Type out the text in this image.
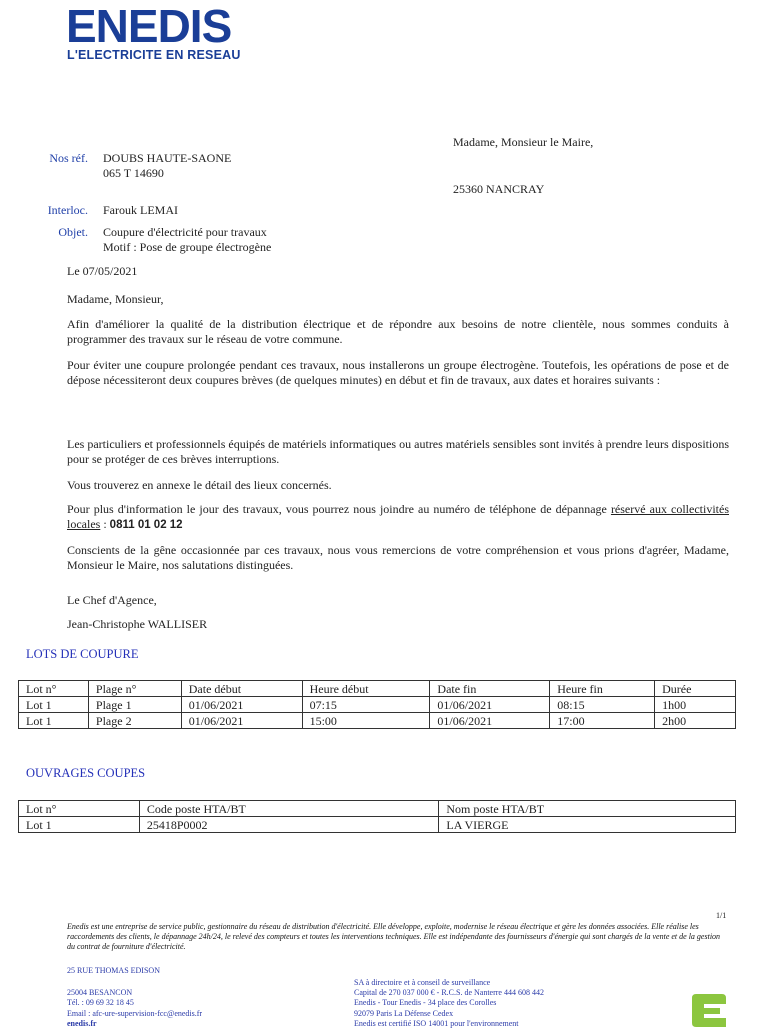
ENEDIS
L'ELECTRICITE EN RESEAU
Madame, Monsieur le Maire,
25360 NANCRAY
Nos réf. DOUBS HAUTE-SAONE
065 T 14690
Interloc. Farouk LEMAI
Objet. Coupure d'électricité pour travaux
Motif : Pose de groupe électrogène
Le 07/05/2021
Madame, Monsieur,
Afin d'améliorer la qualité de la distribution électrique et de répondre aux besoins de notre clientèle, nous sommes conduits à programmer des travaux sur le réseau de votre commune.
Pour éviter une coupure prolongée pendant ces travaux, nous installerons un groupe électrogène. Toutefois, les opérations de pose et de dépose nécessiteront deux coupures brèves (de quelques minutes) en début et fin de travaux, aux dates et horaires suivants :
Les particuliers et professionnels équipés de matériels informatiques ou autres matériels sensibles sont invités à prendre leurs dispositions pour se protéger de ces brèves interruptions.
Vous trouverez en annexe le détail des lieux concernés.
Pour plus d'information le jour des travaux, vous pourrez nous joindre au numéro de téléphone de dépannage réservé aux collectivités locales : 0811 01 02 12
Conscients de la gêne occasionnée par ces travaux, nous vous remercions de votre compréhension et vous prions d'agréer, Madame, Monsieur le Maire, nos salutations distinguées.
Le Chef d'Agence,
Jean-Christophe WALLISER
LOTS DE COUPURE
Lot n°	Plage n°	Date début	Heure début	Date fin	Heure fin	Durée
Lot 1	Plage 1	01/06/2021	07:15	01/06/2021	08:15	1h00
Lot 1	Plage 2	01/06/2021	15:00	01/06/2021	17:00	2h00
OUVRAGES COUPES
Lot n°	Code poste HTA/BT	Nom poste HTA/BT
Lot 1	25418P0002	LA VIERGE
1/1
Enedis est une entreprise de service public, gestionnaire du réseau de distribution d'électricité. Elle développe, exploite, modernise le réseau électrique et gère les données associées. Elle réalise les raccordements des clients, le dépannage 24h/24, le relevé des compteurs et toutes les interventions techniques. Elle est indépendante des fournisseurs d'énergie qui sont chargés de la vente et de la gestion du contrat de fourniture d'électricité.
25 RUE THOMAS EDISON
25004 BESANCON
Tél. : 09 69 32 18 45
Email : afc-ure-supervision-fcc@enedis.fr
enedis.fr
SA à directoire et à conseil de surveillance
Capital de 270 037 000 € - R.C.S. de Nanterre 444 608 442
Enedis - Tour Enedis - 34 place des Corolles
92079 Paris La Défense Cedex
Enedis est certifié ISO 14001 pour l'environnement
